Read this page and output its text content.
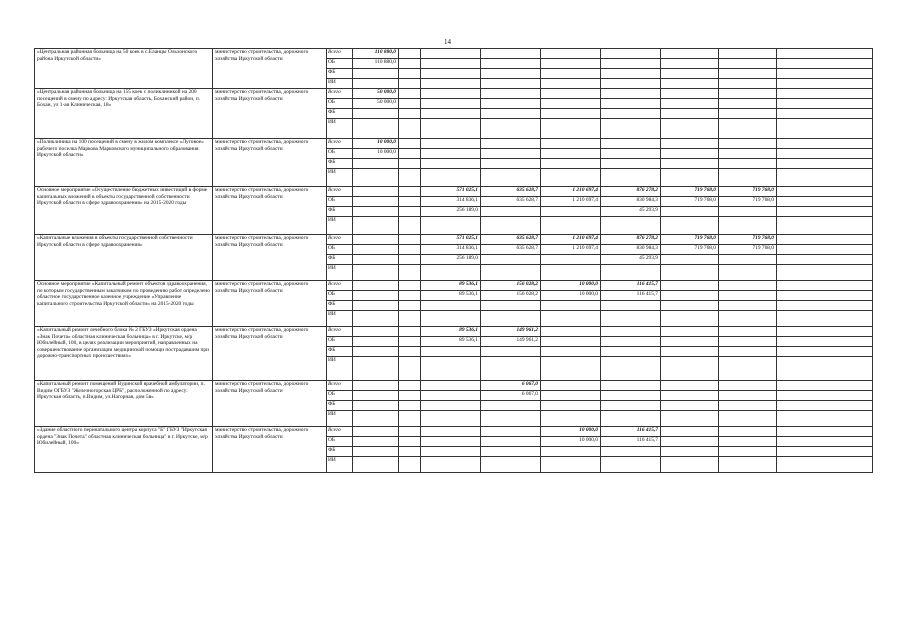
14
«Центральная районная больница на 50 коек в с.Еланцы Ольхонского района Иркутской области»	министерство строительства, дорожного хозяйства Иркутской области	Всего	110 880,0								
		ОБ	110 880,0								
		ФБ									
		ИИ									
«Центральная районная больница на 155 коек с поликлиникой на 200 посещений в смену по адресу: Иркутская область, Боханский район, п. Бохан, ул 1-ая Клиническая, 18»	министерство строительства, дорожного хозяйства Иркутской области	Всего	50 000,0								
		ОБ	50 000,0								
		ФБ									
		ИИ									
«Поликлиника на 100 посещений в смену в жилом комплексе «Луговое» рабочего поселка Маркова Марковского муниципального образования Иркутской области»	министерство строительства, дорожного хозяйства Иркутской области	Всего	10 000,0								
		ОБ	10 000,0								
		ФБ									
		ИИ									
Основное мероприятие «Осуществление бюджетных инвестиций в форме капитальных вложений в объекты государственной собственности Иркутской области в сфере здравоохранения» на 2015-2020 годы	министерство строительства, дорожного хозяйства Иркутской области	Всего			571 025,1	635 628,7	1 210 697,4	876 278,2	719 768,0	719 768,0	
		ОБ			314 836,1	635 628,7	1 210 697,4	830 984,3	719 768,0	719 768,0	
		ФБ			256 189,0			45 293,9			
		ИИ									
«Капитальные вложения в объекты государственной собственности Иркутской области в сфере здравоохранения»	министерство строительства, дорожного хозяйства Иркутской области	Всего			571 025,1	635 628,7	1 210 697,4	876 278,2	719 768,0	719 768,0	
		ОБ			314 836,1	635 628,7	1 210 697,4	830 984,3	719 768,0	719 768,0	
		ФБ			256 189,0			45 293,9			
		ИИ									
Основное мероприятие «Капитальный ремонт объектов здравоохранения, по которым государственным заказчиком по проведению работ определено областное государственное казенное учреждение «Управление капитального строительства Иркутской области» на 2015-2020 годы	министерство строительства, дорожного хозяйства Иркутской области	Всего			89 536,1	156 028,2	10 000,0	116 415,7			
		ОБ			89 536,1	156 028,2	10 000,0	116 415,7			
		ФБ									
		ИИ									
«Капитальный ремонт лечебного блока № 2 ГБУЗ «Иркутская ордена «Знак Почета» областная клиническая больница» в г. Иркутске, м/р Юбилейный, 100, в целях реализации мероприятий, направленных на совершенствование организации медицинской помощи пострадавшим при дорожно-транспортных происшествиях»	министерство строительства, дорожного хозяйства Иркутской области	Всего			89 536,1	149 961,2					
		ОБ			89 536,1	149 961,2					
		ФБ									
		ИИ									
«Капитальный ремонт помещений Вудинской врачебной амбулатории, п. Видим ОГБУЗ "Железногорская ЦРБ", расположенной по адресу: Иркутская область, п.Видим, ул.Нагорная, дом 5в»	министерство строительства, дорожного хозяйства Иркутской области	Всего				6 067,0					
		ОБ				6 067,0					
		ФБ									
		ИИ									
«Здание областного перинатального центра корпуса "Б" ГБУЗ "Иркутская ордена "Знак Почета" областная клиническая больница" в г. Иркутске, м/р Юбилейный, 100»	министерство строительства, дорожного хозяйства Иркутской области	Всего					10 000,0	116 415,7			
		ОБ					10 000,0	116 415,7			
		ФБ									
		ИИ									
